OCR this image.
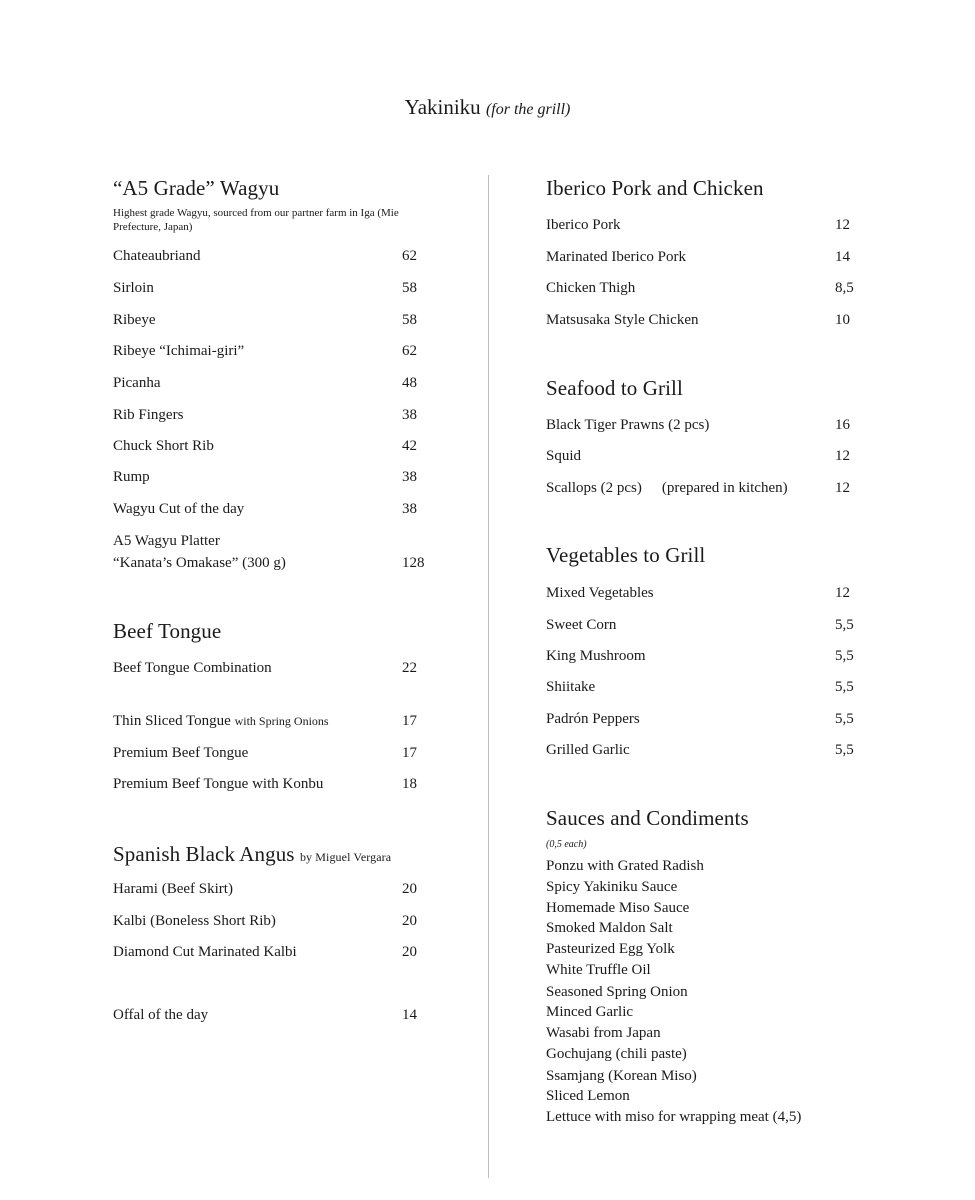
Yakiniku (for the grill)
“A5 Grade” Wagyu
Highest grade Wagyu, sourced from our partner farm in Iga (Mie Prefecture, Japan)
Chateaubriand	62
Sirloin	58
Ribeye	58
Ribeye “Ichimai-giri”	62
Picanha	48
Rib Fingers	38
Chuck Short Rib	42
Rump	38
Wagyu Cut of the day	38
A5 Wagyu Platter
“Kanata’s Omakase” (300 g)	128
Beef Tongue
Beef Tongue Combination	22
Thin Sliced Tongue with Spring Onions	17
Premium Beef Tongue	17
Premium Beef Tongue with Konbu	18
Spanish Black Angus by Miguel Vergara
Harami (Beef Skirt)	20
Kalbi (Boneless Short Rib)	20
Diamond Cut Marinated Kalbi	20
Offal of the day	14
Iberico Pork and Chicken
Iberico Pork	12
Marinated Iberico Pork	14
Chicken Thigh	8,5
Matsusaka Style Chicken	10
Seafood to Grill
Black Tiger Prawns (2 pcs)	16
Squid	12
Scallops (2 pcs) (prepared in kitchen)	12
Vegetables to Grill
Mixed Vegetables	12
Sweet Corn	5,5
King Mushroom	5,5
Shiitake	5,5
Padrón Peppers	5,5
Grilled Garlic	5,5
Sauces and Condiments
(0,5 each)
Ponzu with Grated Radish
Spicy Yakiniku Sauce
Homemade Miso Sauce
Smoked Maldon Salt
Pasteurized Egg Yolk
White Truffle Oil
Seasoned Spring Onion
Minced Garlic
Wasabi from Japan
Gochujang (chili paste)
Ssamjang (Korean Miso)
Sliced Lemon
Lettuce with miso for wrapping meat (4,5)
